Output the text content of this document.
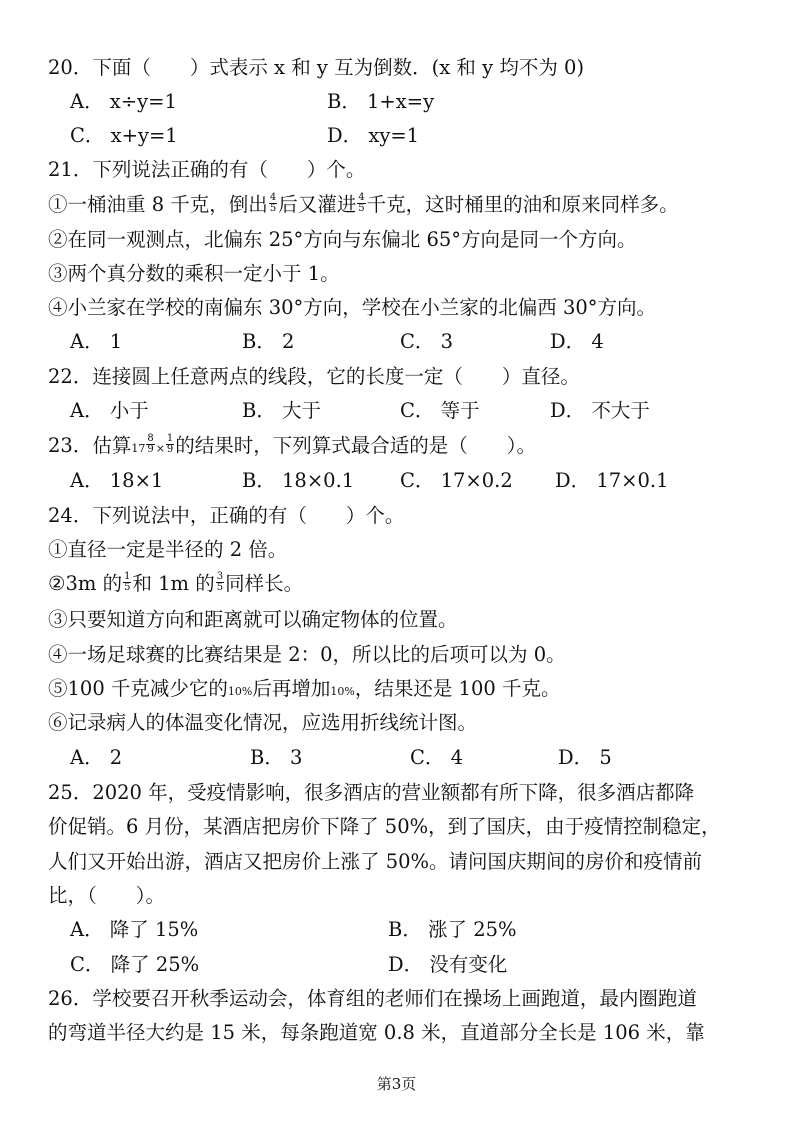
20．下面（　　）式表示 x 和 y 互为倒数．(x 和 y 均不为 0)
A． x÷y=1	B． 1+x=y
C． x+y=1	D． xy=1
21．下列说法正确的有（　　）个。
①一桶油重 8 千克，倒出 $\frac{4}{5}$ 后又灌进 $\frac{4}{5}$ 千克，这时桶里的油和原来同样多。
②在同一观测点，北偏东 25°方向与东偏北 65°方向是同一个方向。
③两个真分数的乘积一定小于 1。
④小兰家在学校的南偏东 30°方向，学校在小兰家的北偏西 30°方向。
A． 1	B． 2	C． 3	D． 4
22．连接圆上任意两点的线段，它的长度一定（　　）直径。
A． 小于	B． 大于	C． 等于	D． 不大于
23．估算$17 \frac{8}{9} \times \frac{1}{9}$ 的结果时，下列算式最合适的是（　　）。
A． 18×1	B． 18×0.1 C． 17×0.2 D． 17×0.1
24．下列说法中，正确的有（　　）个。
①直径一定是半径的 2 倍。
②3m 的 $\frac{1}{5}$ 和 1m 的 $\frac{3}{5}$ 同样长。
③只要知道方向和距离就可以确定物体的位置。
④一场足球赛的比赛结果是 2：0，所以比的后项可以为 0。
⑤100 千克减少它的10%后再增加10%，结果还是 100 千克。
⑥记录病人的体温变化情况，应选用折线统计图。
A． 2	B． 3	C． 4	D． 5
25．2020 年，受疫情影响，很多酒店的营业额都有所下降，很多酒店都降
价促销。6 月份，某酒店把房价下降了 50%，到了国庆，由于疫情控制稳定，
人们又开始出游，酒店又把房价上涨了 50%。请问国庆期间的房价和疫情前
比，（　　）。
A． 降了 15%	B． 涨了 25%
C． 降了 25%	D． 没有变化
26．学校要召开秋季运动会，体育组的老师们在操场上画跑道，最内圈跑道
的弯道半径大约是 15 米，每条跑道宽 0.8 米，直道部分全长是 106 米，靠
第3页
